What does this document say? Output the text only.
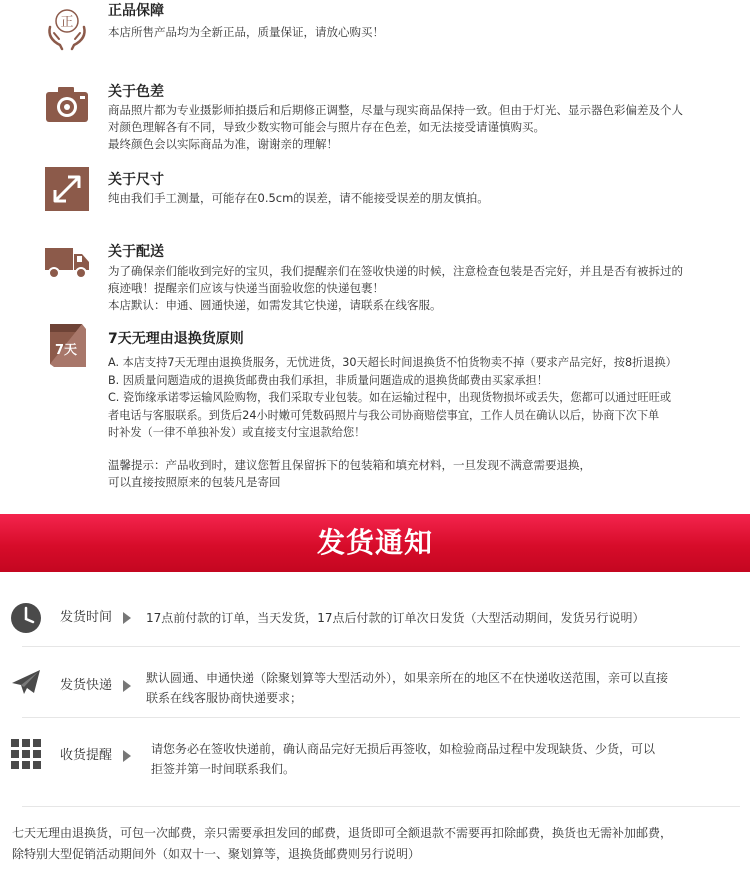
正
正品保障
本店所售产品均为全新正品，质量保证，请放心购买！
关于色差
商品照片都为专业摄影师拍摄后和后期修正调整，尽量与现实商品保持一致。但由于灯光、显示器色彩偏差及个人
对颜色理解各有不同，导致少数实物可能会与照片存在色差，如无法接受请谨慎购买。
最终颜色会以实际商品为准，谢谢亲的理解！
关于尺寸
纯由我们手工测量，可能存在0.5cm的误差，请不能接受误差的朋友慎拍。
关于配送
为了确保亲们能收到完好的宝贝，我们提醒亲们在签收快递的时候，注意检查包装是否完好，并且是否有被拆过的
痕迹哦！提醒亲们应该与快递当面验收您的快递包裹！
本店默认：申通、圆通快递，如需发其它快递，请联系在线客服。
7天
7天无理由退换货原则
A. 本店支持7天无理由退换货服务，无忧进货，30天超长时间退换货不怕货物卖不掉（要求产品完好，按8折退换）
B. 因质量问题造成的退换货邮费由我们承担，非质量问题造成的退换货邮费由买家承担！
C. 瓷饰缘承诺零运输风险购物，我们采取专业包装。如在运输过程中，出现货物损坏或丢失，您都可以通过旺旺或
者电话与客服联系。到货后24小时嫩可凭数码照片与我公司协商赔偿事宜，工作人员在确认以后，协商下次下单
时补发（一律不单独补发）或直接支付宝退款给您！
温馨提示：产品收到时，建议您暂且保留拆下的包装箱和填充材料，一旦发现不满意需要退换，
可以直接按照原来的包装凡是寄回
发货通知
发货时间	17点前付款的订单，当天发货，17点后付款的订单次日发货（大型活动期间，发货另行说明）
发货快递	默认圆通、申通快递（除聚划算等大型活动外），如果亲所在的地区不在快递收送范围，亲可以直接
联系在线客服协商快递要求；
收货提醒	请您务必在签收快递前，确认商品完好无损后再签收，如检验商品过程中发现缺货、少货，可以
拒签并第一时间联系我们。
七天无理由退换货，可包一次邮费，亲只需要承担发回的邮费，退货即可全额退款不需要再扣除邮费，换货也无需补加邮费，
除特别大型促销活动期间外（如双十一、聚划算等，退换货邮费则另行说明）
